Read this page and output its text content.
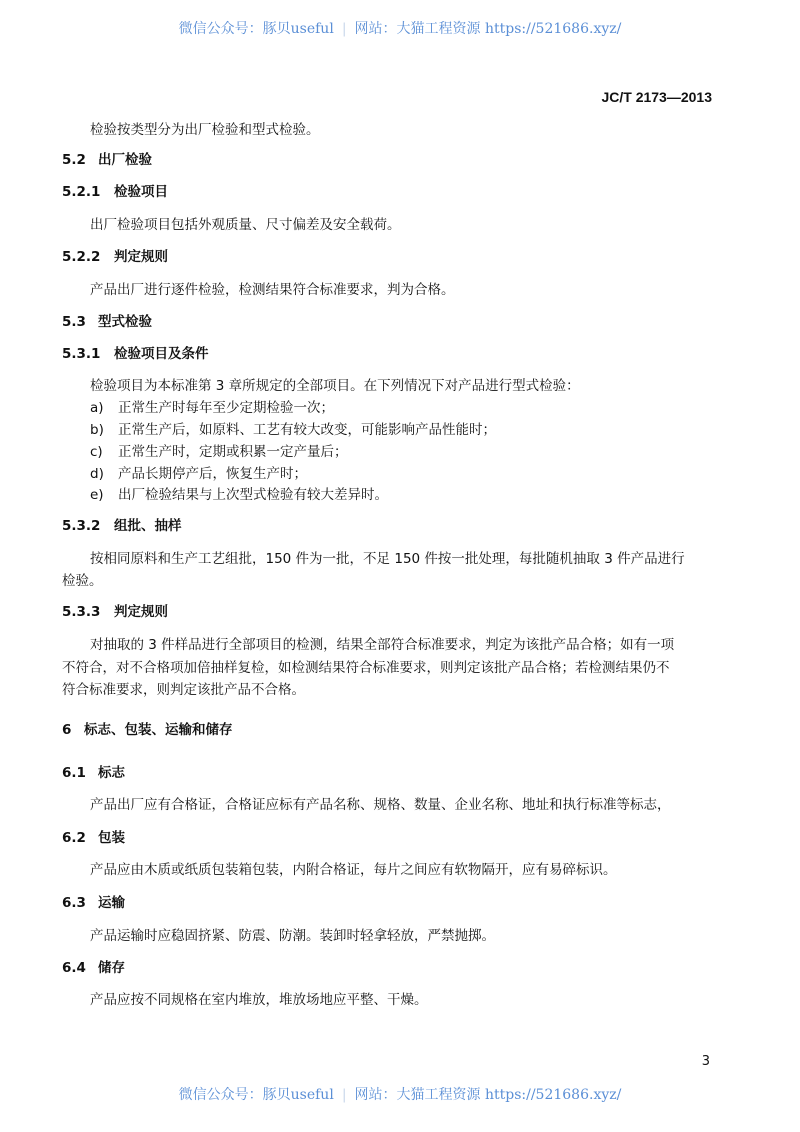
微信公众号：豚贝useful | 网站：大猫工程资源 https://521686.xyz/
JC/T 2173—2013
检验按类型分为出厂检验和型式检验。
5.2 出厂检验
5.2.1 检验项目
出厂检验项目包括外观质量、尺寸偏差及安全载荷。
5.2.2 判定规则
产品出厂进行逐件检验，检测结果符合标准要求，判为合格。
5.3 型式检验
5.3.1 检验项目及条件
检验项目为本标准第 3 章所规定的全部项目。在下列情况下对产品进行型式检验：
a) 正常生产时每年至少定期检验一次；
b) 正常生产后，如原料、工艺有较大改变，可能影响产品性能时；
c) 正常生产时，定期或积累一定产量后；
d) 产品长期停产后，恢复生产时；
e) 出厂检验结果与上次型式检验有较大差异时。
5.3.2 组批、抽样
按相同原料和生产工艺组批，150 件为一批，不足 150 件按一批处理，每批随机抽取 3 件产品进行
检验。
5.3.3 判定规则
对抽取的 3 件样品进行全部项目的检测，结果全部符合标准要求，判定为该批产品合格；如有一项
不符合，对不合格项加倍抽样复检，如检测结果符合标准要求，则判定该批产品合格；若检测结果仍不
符合标准要求，则判定该批产品不合格。
6 标志、包装、运输和储存
6.1 标志
产品出厂应有合格证，合格证应标有产品名称、规格、数量、企业名称、地址和执行标准等标志，
6.2 包装
产品应由木质或纸质包装箱包装，内附合格证，每片之间应有软物隔开，应有易碎标识。
6.3 运输
产品运输时应稳固挤紧、防震、防潮。装卸时轻拿轻放，严禁抛掷。
6.4 储存
产品应按不同规格在室内堆放，堆放场地应平整、干燥。
3
微信公众号：豚贝useful | 网站：大猫工程资源 https://521686.xyz/
